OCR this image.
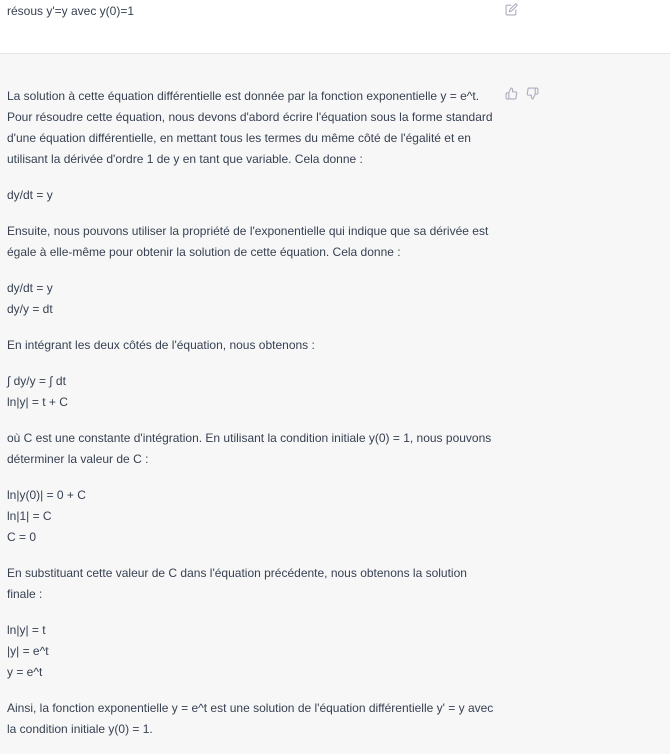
résous y'=y avec y(0)=1

La solution à cette équation différentielle est donnée par la fonction exponentielle y = e^t. Pour résoudre cette équation, nous devons d'abord écrire l'équation sous la forme standard d'une équation différentielle, en mettant tous les termes du même côté de l'égalité et en utilisant la dérivée d'ordre 1 de y en tant que variable. Cela donne :

dy/dt = y

Ensuite, nous pouvons utiliser la propriété de l'exponentielle qui indique que sa dérivée est égale à elle-même pour obtenir la solution de cette équation. Cela donne :

dy/dt = y

dy/y = dt

En intégrant les deux côtés de l'équation, nous obtenons :

∫ dy/y = ∫ dt

ln|y| = t + C

où C est une constante d'intégration. En utilisant la condition initiale y(0) = 1, nous pouvons déterminer la valeur de C :

ln|y(0)| = 0 + C

ln|1| = C

C = 0

En substituant cette valeur de C dans l'équation précédente, nous obtenons la solution finale :

ln|y| = t

|y| = e^t

y = e^t

Ainsi, la fonction exponentielle y = e^t est une solution de l'équation différentielle y' = y avec la condition initiale y(0) = 1.
